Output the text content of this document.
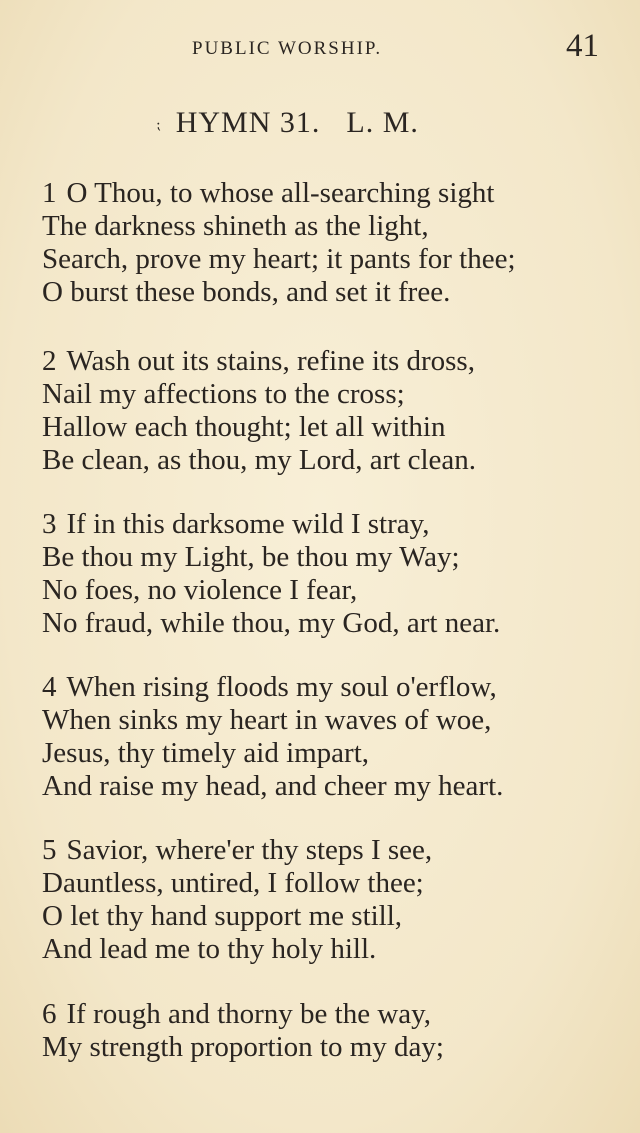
PUBLIC WORSHIP.	41
⁏ HYMN 31. L. M.
1 O Thou, to whose all-searching sight
The darkness shineth as the light,
Search, prove my heart; it pants for thee;
O burst these bonds, and set it free.
2 Wash out its stains, refine its dross,
Nail my affections to the cross;
Hallow each thought; let all within
Be clean, as thou, my Lord, art clean.
3 If in this darksome wild I stray,
Be thou my Light, be thou my Way;
No foes, no violence I fear,
No fraud, while thou, my God, art near.
4 When rising floods my soul o'erflow,
When sinks my heart in waves of woe,
Jesus, thy timely aid impart,
And raise my head, and cheer my heart.
5 Savior, where'er thy steps I see,
Dauntless, untired, I follow thee;
O let thy hand support me still,
And lead me to thy holy hill.
6 If rough and thorny be the way,
My strength proportion to my day;
